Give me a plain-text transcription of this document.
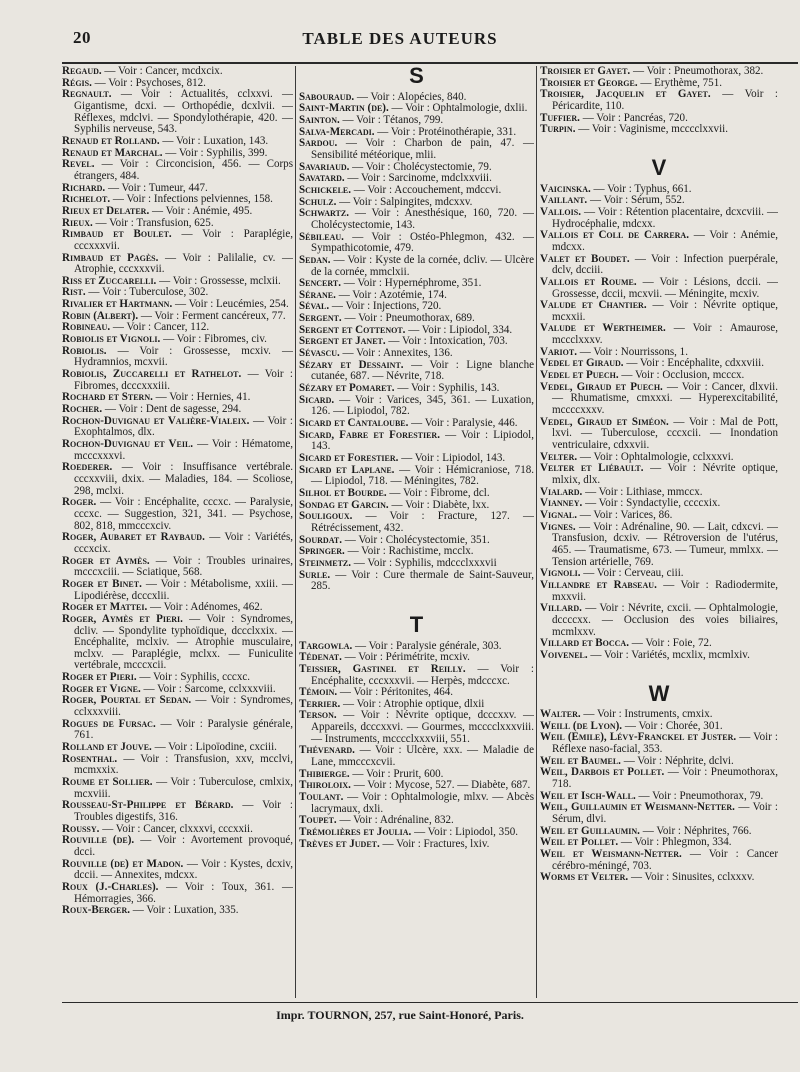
20	TABLE DES AUTEURS

Regaud. — Voir : Cancer, mcdxcix.

Régis. — Voir : Psychoses, 812.

Regnault. — Voir : Actualités, cclxxvi. — Gigantisme, dcxi. — Orthopédie, dcxlvii. — Réflexes, mdclvi. — Spondylothérapie, 420. — Syphilis nerveuse, 543.

Renaud et Rolland. — Voir : Luxation, 143.

Renaud et Marchal. — Voir : Syphilis, 399.

Revel. — Voir : Circoncision, 456. — Corps étrangers, 484.

Richard. — Voir : Tumeur, 447.

Richelot. — Voir : Infections pelviennes, 158.

Rieux et Delater. — Voir : Anémie, 495.

Rieux. — Voir : Transfusion, 625.

Rimbaud et Boulet. — Voir : Paraplégie, cccxxxvii.

Rimbaud et Pagès. — Voir : Palilalie, cv. — Atrophie, cccxxxvii.

Riss et Zuccarelli. — Voir : Grossesse, mclxii.

Rist. — Voir : Tuberculose, 302.

Rivalier et Hartmann. — Voir : Leucémies, 254.

Robin (Albert). — Voir : Ferment cancéreux, 77.

Robineau. — Voir : Cancer, 112.

Robiolis et Vignoli. — Voir : Fibromes, civ.

Robiolis. — Voir : Grossesse, mcxiv. — Hydramnios, mcxvii.

Robiolis, Zuccarelli et Rathelot. — Voir : Fibromes, dcccxxxiii.

Rochard et Stern. — Voir : Hernies, 41.

Rocher. — Voir : Dent de sagesse, 294.

Rochon-Duvignau et Valière-Vialeix. — Voir : Exophtalmos, dlx.

Rochon-Duvignau et Veil. — Voir : Hématome, mcccxxxvi.

Roederer. — Voir : Insuffisance vertébrale. cccxxviii, dxix. — Maladies, 184. — Scoliose, 298, mclxi.

Roger. — Voir : Encéphalite, cccxc. — Paralysie, cccxc. — Suggestion, 321, 341. — Psychose, 802, 818, mmcccxciv.

Roger, Aubaret et Raybaud. — Voir : Variétés, cccxcix.

Roger et Aymès. — Voir : Troubles urinaires, mcccxciii. — Sciatique, 568.

Roger et Binet. — Voir : Métabolisme, xxiii. — Lipodiérèse, dcccxlii.

Roger et Mattei. — Voir : Adénomes, 462.

Roger, Aymès et Pieri. — Voir : Syndromes, dcliv. — Spondylite typhoïdique, dccclxxix. — Encéphalite, mclxiv. — Atrophie musculaire, mclxv. — Paraplégie, mclxx. — Funiculite vertébrale, mcccxcii.

Roger et Pieri. — Voir : Syphilis, cccxc.

Roger et Vigne. — Voir : Sarcome, cclxxxviii.

Roger, Pourtal et Sedan. — Voir : Syndromes, cclxxxviii.

Rogues de Fursac. — Voir : Paralysie générale, 761.

Rolland et Jouve. — Voir : Lipoïodine, cxciii.

Rosenthal. — Voir : Transfusion, xxv, mcclvi, mcmxxix.

Roume et Sollier. — Voir : Tuberculose, cmlxix, mcxviii.

Rousseau-St-Philippe et Bérard. — Voir : Troubles digestifs, 316.

Roussy. — Voir : Cancer, clxxxvi, cccxxii.

Rouville (de). — Voir : Avortement provoqué, dcci.

Rouville (de) et Madon. — Voir : Kystes, dcxiv, dccii. — Annexites, mdcxx.

Roux (J.-Charles). — Voir : Toux, 361. — Hémorragies, 366.

Roux-Berger. — Voir : Luxation, 335.

S

Sabouraud. — Voir : Alopécies, 840.

Saint-Martin (de). — Voir : Ophtalmologie, dxlii.

Sainton. — Voir : Tétanos, 799.

Salva-Mercadi. — Voir : Protéinothérapie, 331.

Sardou. — Voir : Charbon de pain, 47. — Sensibilité météorique, mlii.

Savariaud. — Voir : Cholécystectomie, 79.

Savatard. — Voir : Sarcinome, mdclxxviii.

Schickele. — Voir : Accouchement, mdccvi.

Schulz. — Voir : Salpingites, mdcxxv.

Schwartz. — Voir : Anesthésique, 160, 720. — Cholécystectomie, 143.

Sébileau. — Voir : Ostéo-Phlegmon, 432. — Sympathicotomie, 479.

Sedan. — Voir : Kyste de la cornée, dcliv. — Ulcère de la cornée, mmclxii.

Sencert. — Voir : Hypernéphrome, 351.

Sérane. — Voir : Azotémie, 174.

Séval. — Voir : Injections, 720.

Sergent. — Voir : Pneumothorax, 689.

Sergent et Cottenot. — Voir : Lipiodol, 334.

Sergent et Janet. — Voir : Intoxication, 703.

Sévascu. — Voir : Annexites, 136.

Sézary et Dessaint. — Voir : Ligne blanche cutanée, 687. — Névrite, 718.

Sézary et Pomaret. — Voir : Syphilis, 143.

Sicard. — Voir : Varices, 345, 361. — Luxation, 126. — Lipiodol, 782.

Sicard et Cantaloube. — Voir : Paralysie, 446.

Sicard, Fabre et Forestier. — Voir : Lipiodol, 143.

Sicard et Forestier. — Voir : Lipiodol, 143.

Sicard et Laplane. — Voir : Hémicraniose, 718. — Lipiodol, 718. — Méningites, 782.

Silhol et Bourde. — Voir : Fibrome, dcl.

Sondag et Garcin. — Voir : Diabète, lxx.

Souligoux. — Voir : Fracture, 127. — Rétrécissement, 432.

Sourdat. — Voir : Cholécystectomie, 351.

Springer. — Voir : Rachistime, mcclx.

Steinmetz. — Voir : Syphilis, mdccclxxxvii

Surle. — Voir : Cure thermale de Saint-Sauveur, 285.

T

Targowla. — Voir : Paralysie générale, 303.

Tédenat. — Voir : Périmétrite, mcxiv.

Teissier, Gastinel et Reilly. — Voir : Encéphalite, cccxxxvii. — Herpès, mdcccxc.

Témoin. — Voir : Péritonites, 464.

Terrier. — Voir : Atrophie optique, dlxii

Terson. — Voir : Névrite optique, dcccxxv. — Appareils, dcccxxvi. — Gourmes, mcccclxxxviii. — Instruments, mcccclxxxviii, 551.

Thévenard. — Voir : Ulcère, xxx. — Maladie de Lane, mmcccxcvii.

Thibierge. — Voir : Prurit, 600.

Thiroloix. — Voir : Mycose, 527. — Diabète, 687.

Toulant. — Voir : Ophtalmologie, mlxv. — Abcès lacrymaux, dxli.

Toupet. — Voir : Adrénaline, 832.

Trémolières et Joulia. — Voir : Lipiodol, 350.

Trèves et Judet. — Voir : Fractures, lxiv.

Troisier et Gayet. — Voir : Pneumothorax, 382.

Troisier et George. — Erythème, 751.

Troisier, Jacquelin et Gayet. — Voir : Péricardite, 110.

Tuffier. — Voir : Pancréas, 720.

Turpin. — Voir : Vaginisme, mcccclxxvii.

V

Vaicinska. — Voir : Typhus, 661.

Vaillant. — Voir : Sérum, 552.

Vallois. — Voir : Rétention placentaire, dcxcviii. — Hydrocéphalie, mdcxx.

Vallois et Coll de Carrera. — Voir : Anémie, mdcxx.

Valet et Boudet. — Voir : Infection puerpérale, dclv, dcciii.

Vallois et Roume. — Voir : Lésions, dccii. — Grossesse, dccii, mcxvii. — Méningite, mcxiv.

Valude et Chantier. — Voir : Névrite optique, mcxxii.

Valude et Wertheimer. — Voir : Amaurose, mccclxxxv.

Variot. — Voir : Nourrissons, 1.

Vedel et Giraud. — Voir : Encéphalite, cdxxviii.

Vedel et Puech. — Voir : Occlusion, mcccx.

Vedel, Giraud et Puech. — Voir : Cancer, dlxvii. — Rhumatisme, cmxxxi. — Hyperexcitabilité, mccccxxxv.

Vedel, Giraud et Siméon. — Voir : Mal de Pott, lxvi. — Tuberculose, cccxcii. — Inondation ventriculaire, cdxxvii.

Velter. — Voir : Ophtalmologie, cclxxxvi.

Velter et Liébault. — Voir : Névrite optique, mlxix, dlx.

Vialard. — Voir : Lithiase, mmccx.

Vianney. — Voir : Syndactylie, ccccxix.

Vignal. — Voir : Varices, 86.

Vignes. — Voir : Adrénaline, 90. — Lait, cdxcvi. — Transfusion, dcxiv. — Rétroversion de l'utérus, 465. — Traumatisme, 673. — Tumeur, mmlxx. — Tension artérielle, 769.

Vignoli. — Voir : Cerveau, ciii.

Villandre et Rabseau. — Voir : Radiodermite, mxxvii.

Villard. — Voir : Névrite, cxcii. — Ophtalmologie, dccccxx. — Occlusion des voies biliaires, mcmlxxv.

Villard et Bocca. — Voir : Foie, 72.

Voivenel. — Voir : Variétés, mcxlix, mcmlxiv.

W

Walter. — Voir : Instruments, cmxix.

Weill (de Lyon). — Voir : Chorée, 301.

Weil (Emile), Lévy-Franckel et Juster. — Voir : Réflexe naso-facial, 353.

Weil et Baumel. — Voir : Néphrite, dclvi.

Weil, Darbois et Pollet. — Voir : Pneumothorax, 718.

Weil et Isch-Wall. — Voir : Pneumothorax, 79.

Weil, Guillaumin et Weismann-Netter. — Voir : Sérum, dlvi.

Weil et Guillaumin. — Voir : Néphrites, 766.

Weil et Pollet. — Voir : Phlegmon, 334.

Weil et Weismann-Netter. — Voir : Cancer cérébro-méningé, 703.

Worms et Velter. — Voir : Sinusites, cclxxxv.

Impr. TOURNON, 257, rue Saint-Honoré, Paris.
